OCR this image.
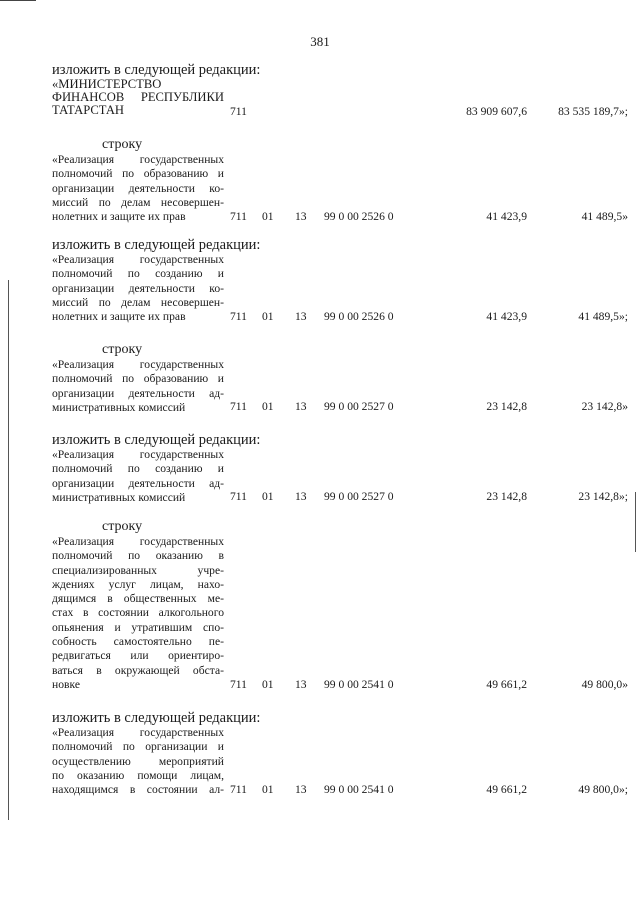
381
изложить в следующей редакции:
«МИНИСТЕРСТВО
ФИНАНСОВ РЕСПУБЛИКИ
ТАТАРСТАН	711	83 909 607,6	83 535 189,7»;
строку
«Реализация государственных
полномочий по образованию и
организации деятельности ко-
миссий по делам несовершен-
нолетних и защите их прав	711 01 13 99 0 00 2526 0	41 423,9	41 489,5»
изложить в следующей редакции:
«Реализация государственных
полномочий по созданию и
организации деятельности ко-
миссий по делам несовершен-
нолетних и защите их прав	711 01 13 99 0 00 2526 0	41 423,9	41 489,5»;
строку
«Реализация государственных
полномочий по образованию и
организации деятельности ад-
министративных комиссий	711 01 13 99 0 00 2527 0	23 142,8	23 142,8»
изложить в следующей редакции:
«Реализация государственных
полномочий по созданию и
организации деятельности ад-
министративных комиссий	711 01 13 99 0 00 2527 0	23 142,8	23 142,8»;
строку
«Реализация государственных
полномочий по оказанию в
специализированных учре-
ждениях услуг лицам, нахо-
дящимся в общественных ме-
стах в состоянии алкогольного
опьянения и утратившим спо-
собность самостоятельно пе-
редвигаться или ориентиро-
ваться в окружающей обста-
новке	711 01 13 99 0 00 2541 0	49 661,2	49 800,0»
изложить в следующей редакции:
«Реализация государственных
полномочий по организации и
осуществлению мероприятий
по оказанию помощи лицам,
находящимся в состоянии ал- 711 01 13 99 0 00 2541 0	49 661,2	49 800,0»;
